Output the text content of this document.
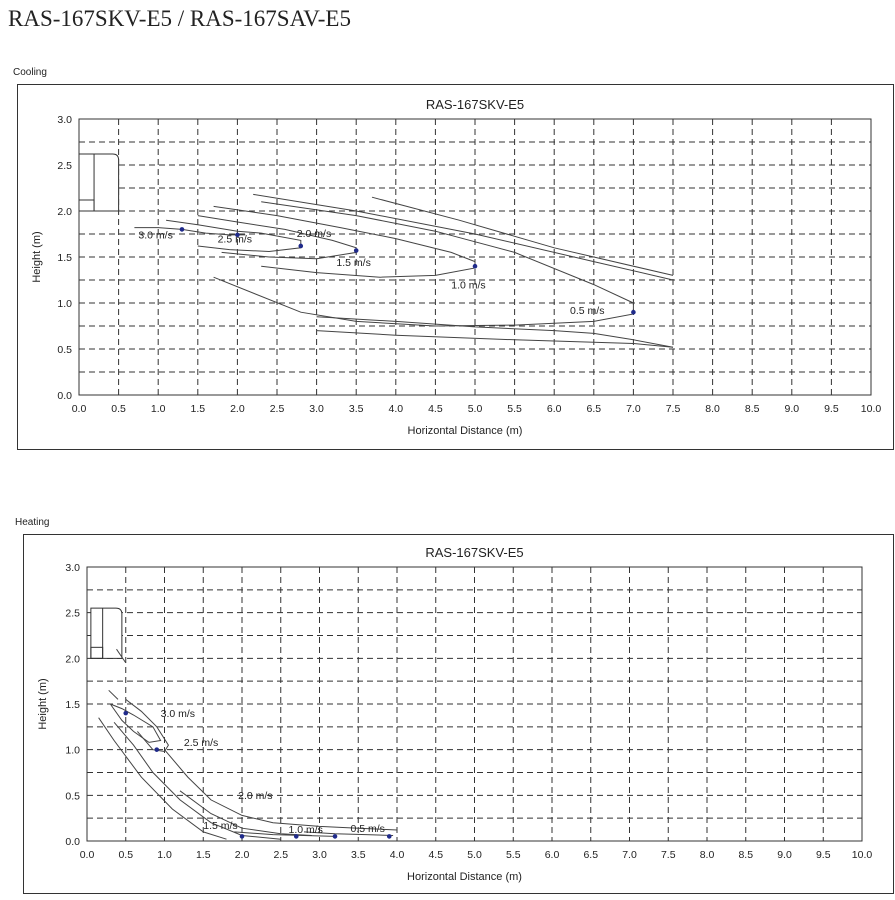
RAS-167SKV-E5 / RAS-167SAV-E5
Cooling
RAS-167SKV-E5
0.0 0.5 1.0 1.5 2.0 2.5 3.0 3.5 4.0 4.5 5.0 5.5 6.0 6.5 7.0 7.5 8.0 8.5 9.0 9.5 10.0
0.0
0.5
1.0
1.5
2.0
2.5
3.0
Horizontal Distance (m)
Height (m)	3.0 m/s	2.5 m/s	2.0 m/s
1.5 m/s
1.0 m/s
0.5 m/s
Heating
RAS-167SKV-E5
0.0 0.5 1.0 1.5 2.0 2.5 3.0 3.5 4.0 4.5 5.0 5.5 6.0 6.5 7.0 7.5 8.0 8.5 9.0 9.5 10.0
0.0
0.5
1.0
1.5
2.0
2.5
3.0
Horizontal Distance (m)
Height (m)	3.0 m/s
2.5 m/s
2.0 m/s
1.5 m/s	1.0 m/s	0.5 m/s
